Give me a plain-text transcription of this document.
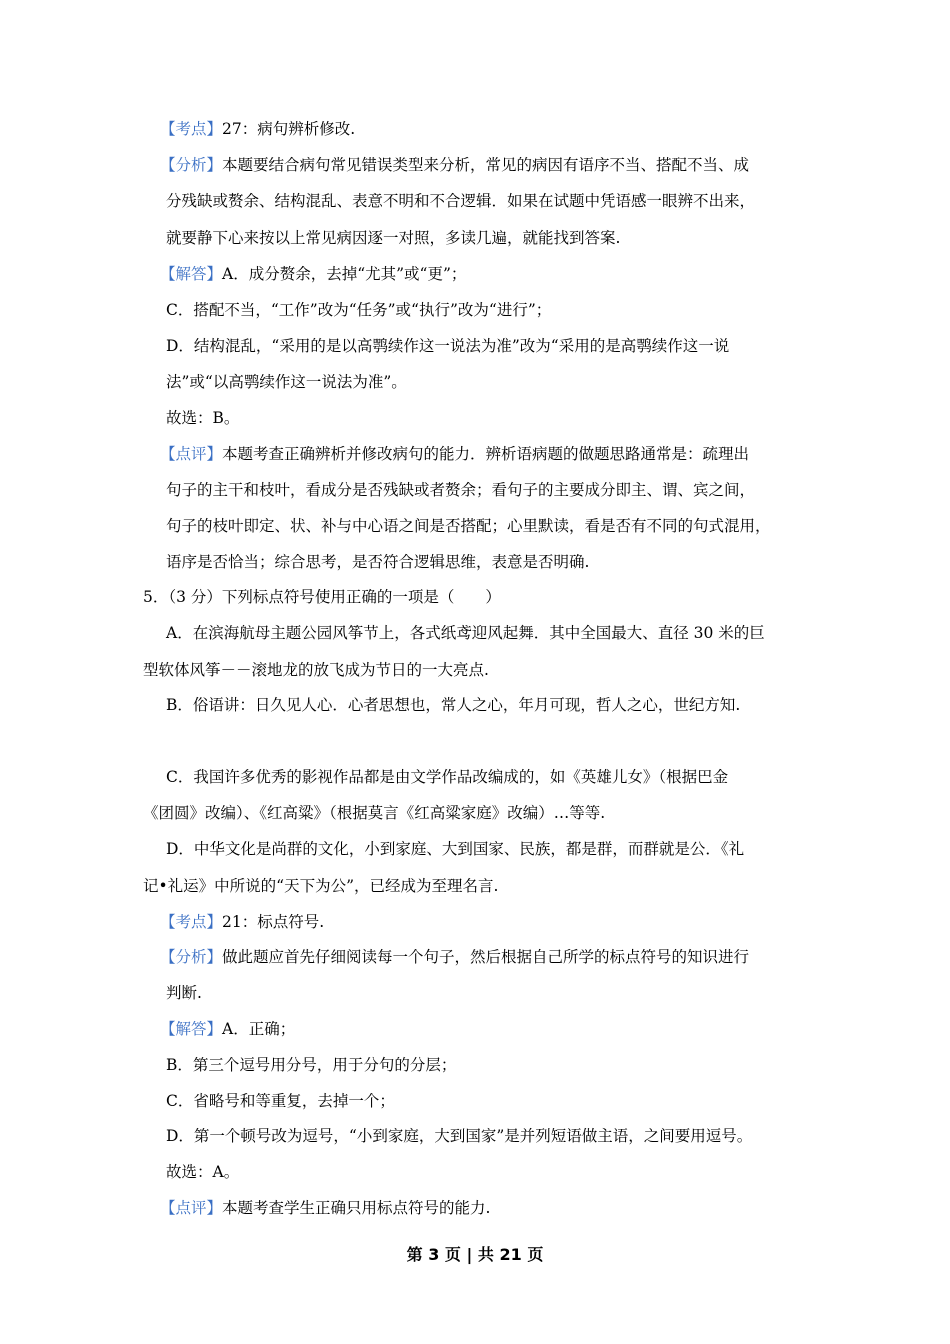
【考点】27：病句辨析修改.
【分析】本题要结合病句常见错误类型来分析，常见的病因有语序不当、搭配不当、成
分残缺或赘余、结构混乱、表意不明和不合逻辑．如果在试题中凭语感一眼辨不出来，
就要静下心来按以上常见病因逐一对照，多读几遍，就能找到答案.
【解答】A．成分赘余，去掉“尤其”或“更”；
C．搭配不当，“工作”改为“任务”或“执行”改为“进行”；
D．结构混乱，“采用的是以高鹗续作这一说法为准”改为“采用的是高鹗续作这一说
法”或“以高鹗续作这一说法为准”。
故选：B。
【点评】本题考查正确辨析并修改病句的能力．辨析语病题的做题思路通常是：疏理出
句子的主干和枝叶，看成分是否残缺或者赘余；看句子的主要成分即主、谓、宾之间，
句子的枝叶即定、状、补与中心语之间是否搭配；心里默读，看是否有不同的句式混用，
语序是否恰当；综合思考，是否符合逻辑思维，表意是否明确.
5．（3 分）下列标点符号使用正确的一项是（　　）
A．在滨海航母主题公园风筝节上，各式纸鸢迎风起舞．其中全国最大、直径 30 米的巨
型软体风筝－－滚地龙的放飞成为节日的一大亮点.
B．俗语讲：日久见人心．心者思想也，常人之心，年月可现，哲人之心，世纪方知.
C．我国许多优秀的影视作品都是由文学作品改编成的，如《英雄儿女》（根据巴金
《团圆》改编）、《红高粱》（根据莫言《红高粱家庭》改编）…等等.
D．中华文化是尚群的文化，小到家庭、大到国家、民族，都是群，而群就是公．《礼
记•礼运》中所说的“天下为公”，已经成为至理名言.
【考点】21：标点符号.
【分析】做此题应首先仔细阅读每一个句子，然后根据自己所学的标点符号的知识进行
判断.
【解答】A．正确；
B．第三个逗号用分号，用于分句的分层；
C．省略号和等重复，去掉一个；
D．第一个顿号改为逗号，“小到家庭，大到国家”是并列短语做主语，之间要用逗号。
故选：A。
【点评】本题考查学生正确只用标点符号的能力.
第 3 页 | 共 21 页
